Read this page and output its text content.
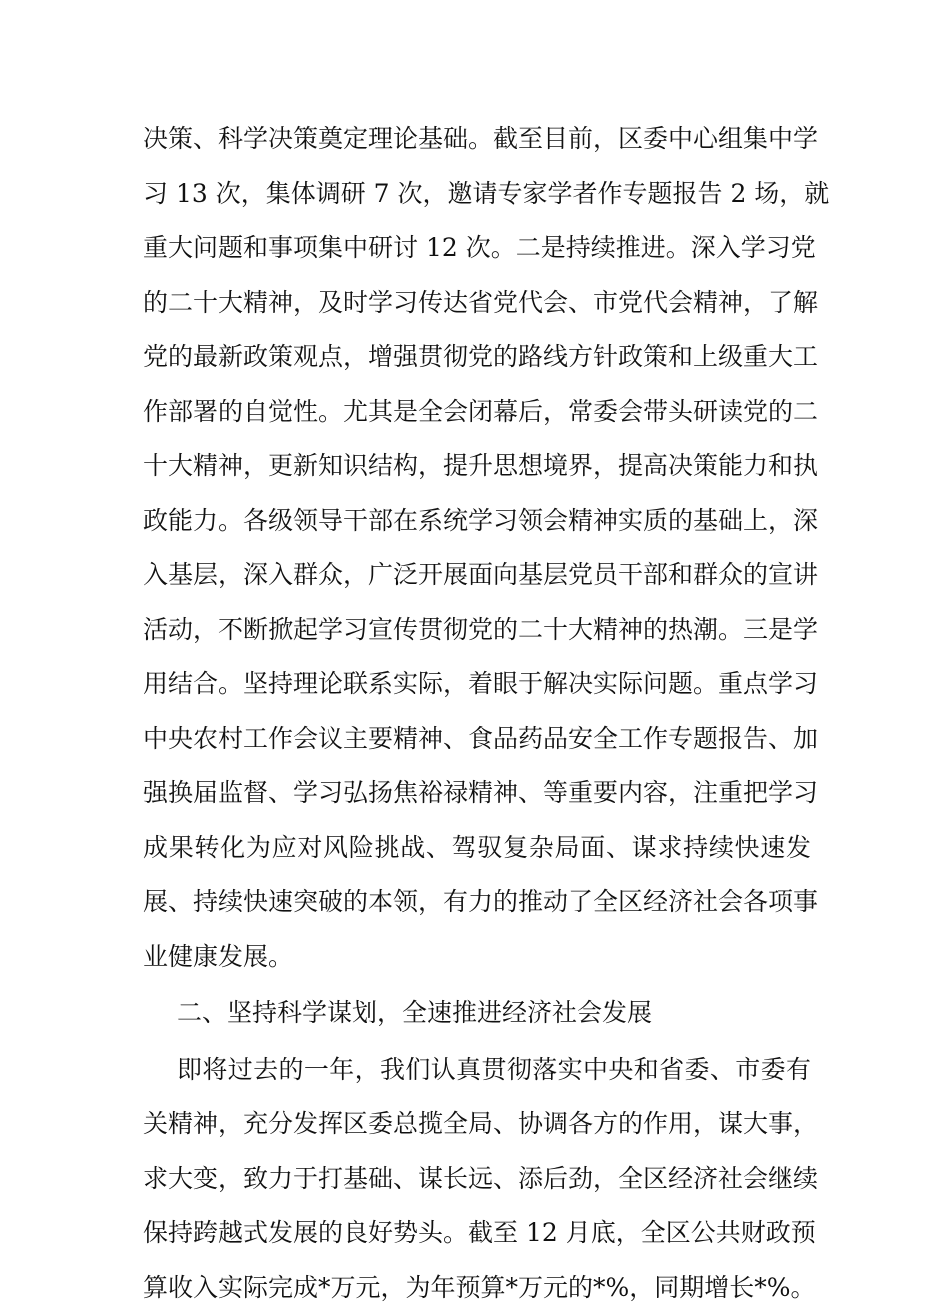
决策、科学决策奠定理论基础。截至目前，区委中心组集中学
习 13 次，集体调研 7 次，邀请专家学者作专题报告 2 场，就
重大问题和事项集中研讨 12 次。二是持续推进。深入学习党
的二十大精神，及时学习传达省党代会、市党代会精神，了解
党的最新政策观点，增强贯彻党的路线方针政策和上级重大工
作部署的自觉性。尤其是全会闭幕后，常委会带头研读党的二
十大精神，更新知识结构，提升思想境界，提高决策能力和执
政能力。各级领导干部在系统学习领会精神实质的基础上，深
入基层，深入群众，广泛开展面向基层党员干部和群众的宣讲
活动，不断掀起学习宣传贯彻党的二十大精神的热潮。三是学
用结合。坚持理论联系实际，着眼于解决实际问题。重点学习
中央农村工作会议主要精神、食品药品安全工作专题报告、加
强换届监督、学习弘扬焦裕禄精神、等重要内容，注重把学习
成果转化为应对风险挑战、驾驭复杂局面、谋求持续快速发
展、持续快速突破的本领，有力的推动了全区经济社会各项事
业健康发展。
二、坚持科学谋划，全速推进经济社会发展
即将过去的一年，我们认真贯彻落实中央和省委、市委有
关精神，充分发挥区委总揽全局、协调各方的作用，谋大事，
求大变，致力于打基础、谋长远、添后劲，全区经济社会继续
保持跨越式发展的良好势头。截至 12 月底，全区公共财政预
算收入实际完成*万元，为年预算*万元的*%，同期增长*%。
